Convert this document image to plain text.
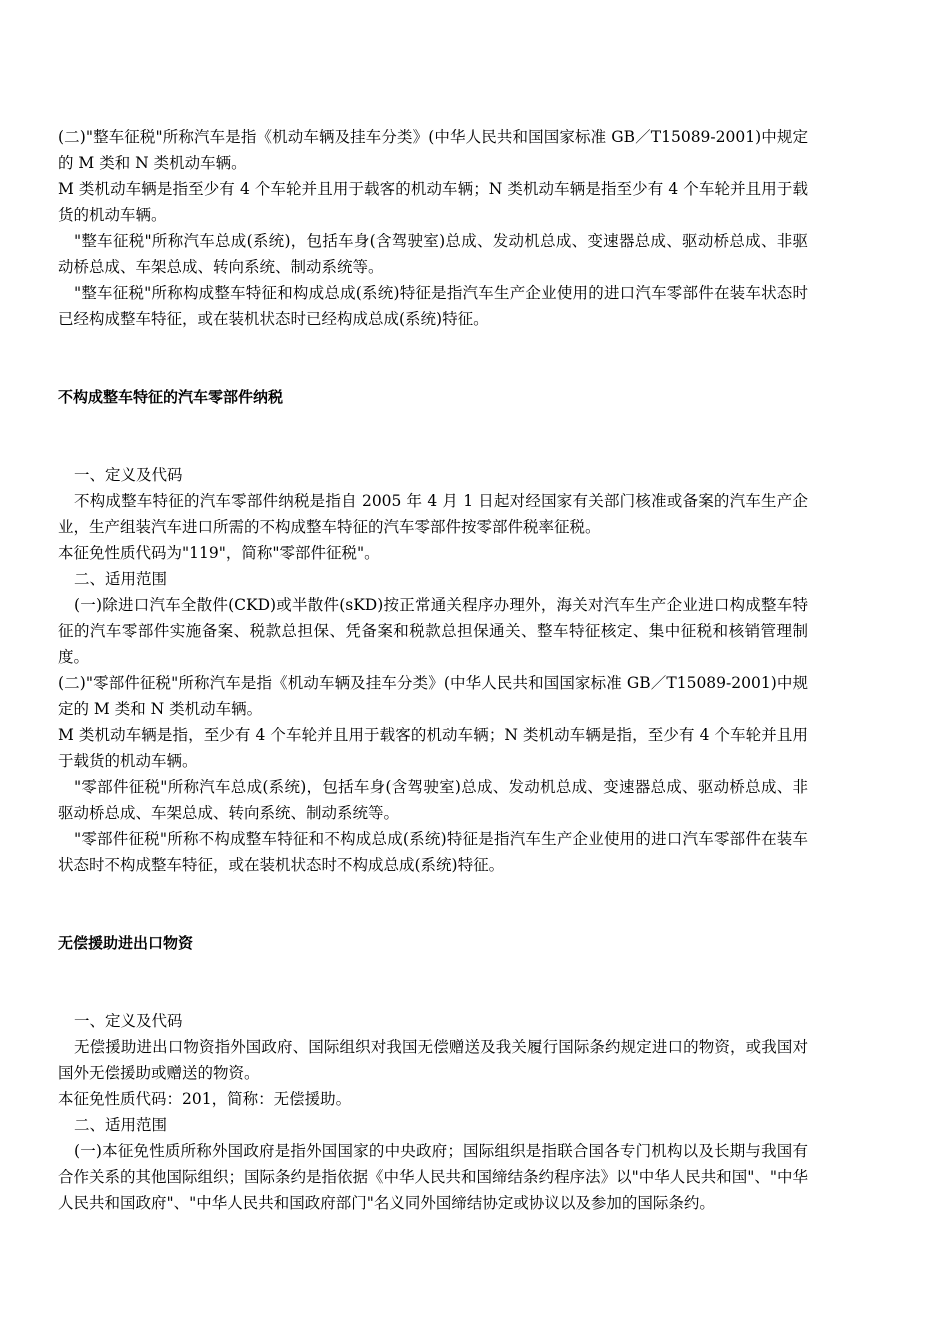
(二)"整车征税"所称汽车是指《机动车辆及挂车分类》(中华人民共和国国家标准 GB／T15089-2001)中规定的 M 类和 N 类机动车辆。

M 类机动车辆是指至少有 4 个车轮并且用于载客的机动车辆；N 类机动车辆是指至少有 4 个车轮并且用于载货的机动车辆。

"整车征税"所称汽车总成(系统)，包括车身(含驾驶室)总成、发动机总成、变速器总成、驱动桥总成、非驱动桥总成、车架总成、转向系统、制动系统等。

"整车征税"所称构成整车特征和构成总成(系统)特征是指汽车生产企业使用的进口汽车零部件在装车状态时已经构成整车特征，或在装机状态时已经构成总成(系统)特征。

不构成整车特征的汽车零部件纳税

一、定义及代码

不构成整车特征的汽车零部件纳税是指自 2005 年 4 月 1 日起对经国家有关部门核准或备案的汽车生产企业，生产组装汽车进口所需的不构成整车特征的汽车零部件按零部件税率征税。

本征免性质代码为"119"，简称"零部件征税"。

二、适用范围

(一)除进口汽车全散件(CKD)或半散件(sKD)按正常通关程序办理外，海关对汽车生产企业进口构成整车特征的汽车零部件实施备案、税款总担保、凭备案和税款总担保通关、整车特征核定、集中征税和核销管理制度。

(二)"零部件征税"所称汽车是指《机动车辆及挂车分类》(中华人民共和国国家标准 GB／T15089-2001)中规定的 M 类和 N 类机动车辆。

M 类机动车辆是指，至少有 4 个车轮并且用于载客的机动车辆；N 类机动车辆是指，至少有 4 个车轮并且用于载货的机动车辆。

"零部件征税"所称汽车总成(系统)，包括车身(含驾驶室)总成、发动机总成、变速器总成、驱动桥总成、非驱动桥总成、车架总成、转向系统、制动系统等。

"零部件征税"所称不构成整车特征和不构成总成(系统)特征是指汽车生产企业使用的进口汽车零部件在装车状态时不构成整车特征，或在装机状态时不构成总成(系统)特征。

无偿援助进出口物资

一、定义及代码

无偿援助进出口物资指外国政府、国际组织对我国无偿赠送及我关履行国际条约规定进口的物资，或我国对国外无偿援助或赠送的物资。

本征免性质代码：201，简称：无偿援助。

二、适用范围

(一)本征免性质所称外国政府是指外国国家的中央政府；国际组织是指联合国各专门机构以及长期与我国有合作关系的其他国际组织；国际条约是指依据《中华人民共和国缔结条约程序法》以"中华人民共和国"、"中华人民共和国政府"、"中华人民共和国政府部门"名义同外国缔结协定或协议以及参加的国际条约。
